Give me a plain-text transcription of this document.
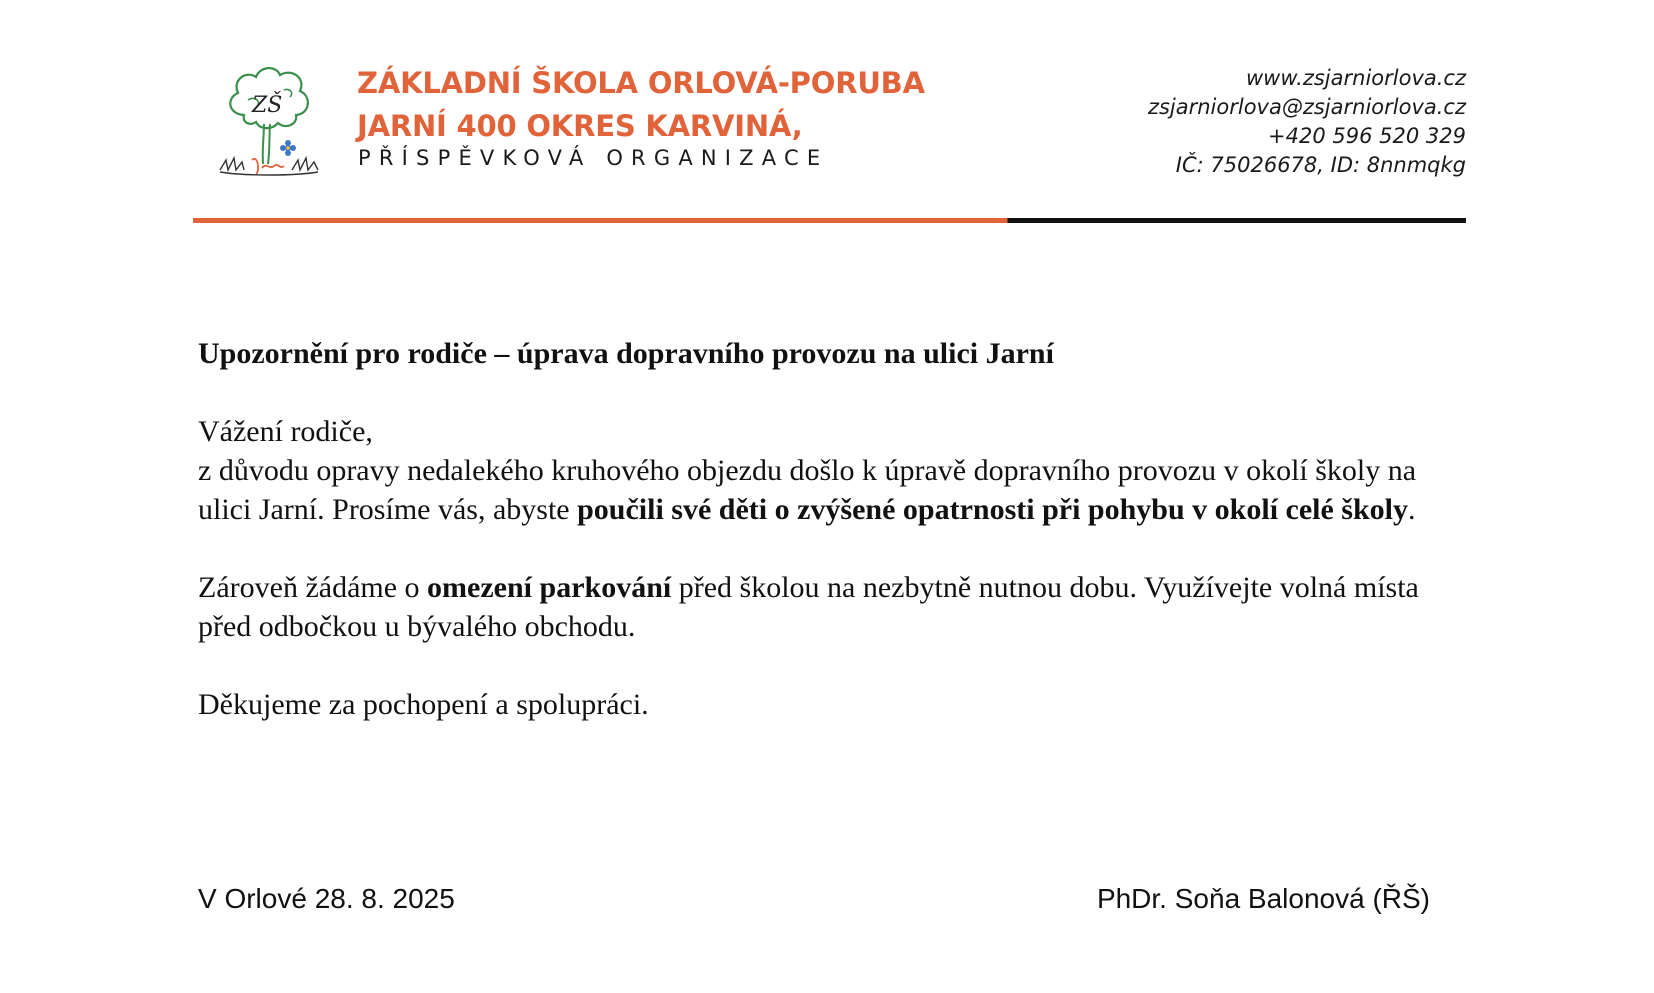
ZŠ
ZÁKLADNÍ ŠKOLA ORLOVÁ-PORUBA
JARNÍ 400 OKRES KARVINÁ,
PŘÍSPĚVKOVÁ ORGANIZACE
www.zsjarniorlova.cz
zsjarniorlova@zsjarniorlova.cz
+420 596 520 329
IČ: 75026678, ID: 8nnmqkg

Upozornění pro rodiče – úprava dopravního provozu na ulici Jarní

Vážení rodiče,

z důvodu opravy nedalekého kruhového objezdu došlo k úpravě dopravního provozu v okolí školy na ulici Jarní. Prosíme vás, abyste poučili své děti o zvýšené opatrnosti při pohybu v okolí celé školy.

Zároveň žádáme o omezení parkování před školou na nezbytně nutnou dobu. Využívejte volná místa před odbočkou u bývalého obchodu.

Děkujeme za pochopení a spolupráci.

V Orlové 28. 8. 2025	PhDr. Soňa Balonová (ŘŠ)
